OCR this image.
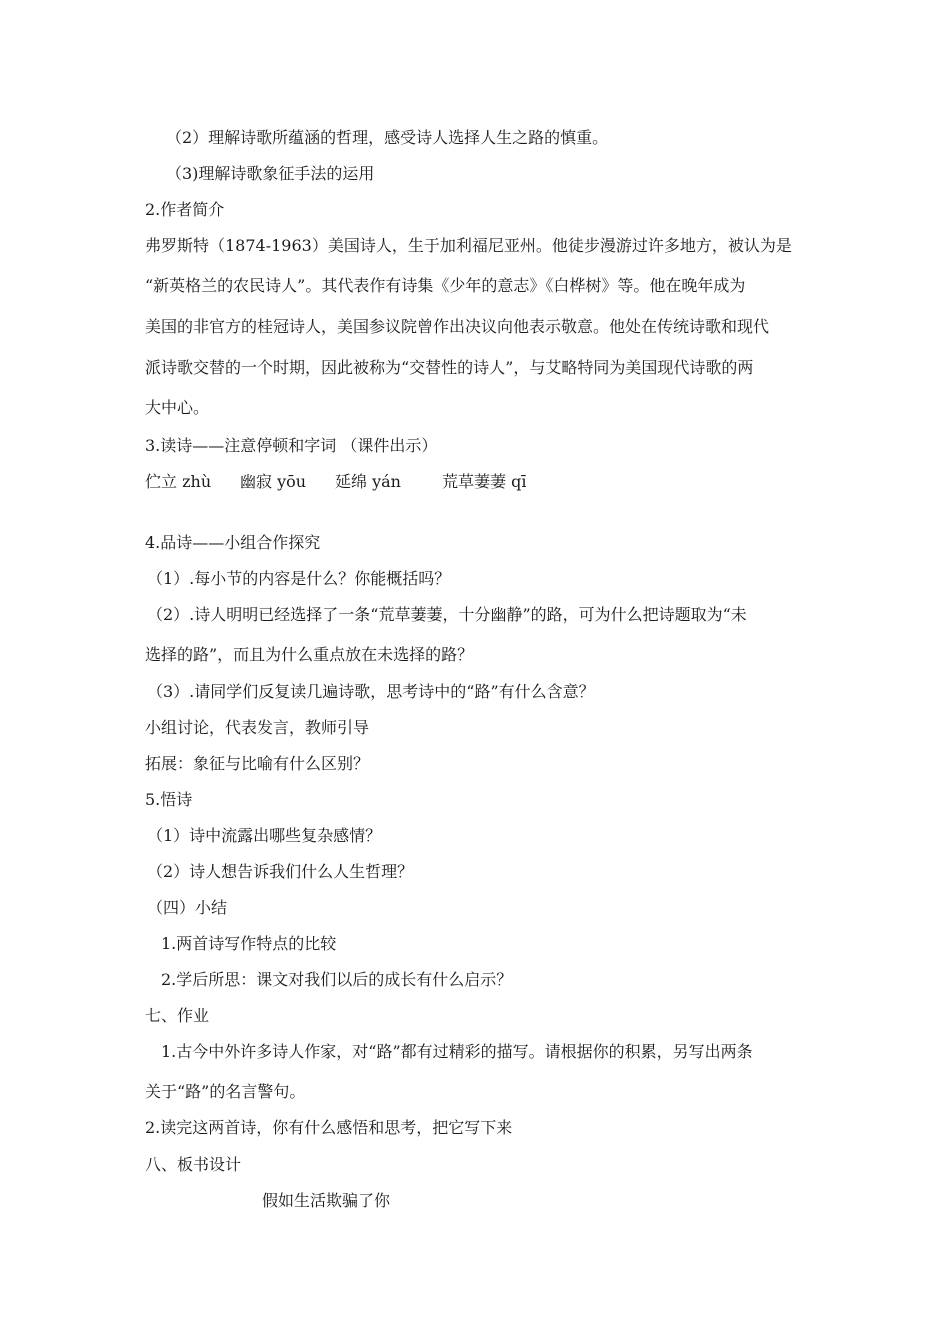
（2）理解诗歌所蕴涵的哲理，感受诗人选择人生之路的慎重。
（3)理解诗歌象征手法的运用
2.作者简介
弗罗斯特（1874-1963）美国诗人，生于加利福尼亚州。他徒步漫游过许多地方，被认为是
“新英格兰的农民诗人”。其代表作有诗集《少年的意志》《白桦树》等。他在晚年成为
美国的非官方的桂冠诗人，美国参议院曾作出决议向他表示敬意。他处在传统诗歌和现代
派诗歌交替的一个时期，因此被称为“交替性的诗人”，与艾略特同为美国现代诗歌的两
大中心。
3.读诗——注意停顿和字词 （课件出示）
伫立 zhù 幽寂 yōu 延绵 yán	荒草萋萋 qī
4.品诗——小组合作探究
（1）.每小节的内容是什么？你能概括吗？
（2）.诗人明明已经选择了一条“荒草萋萋，十分幽静”的路，可为什么把诗题取为“未
选择的路”，而且为什么重点放在未选择的路？
（3）.请同学们反复读几遍诗歌，思考诗中的“路”有什么含意？
小组讨论，代表发言，教师引导
拓展：象征与比喻有什么区别？
5.悟诗
（1）诗中流露出哪些复杂感情？
（2）诗人想告诉我们什么人生哲理？
（四）小结
1.两首诗写作特点的比较
2.学后所思：课文对我们以后的成长有什么启示？
七、作业
1.古今中外许多诗人作家，对“路”都有过精彩的描写。请根据你的积累，另写出两条
关于“路”的名言警句。
2.读完这两首诗，你有什么感悟和思考，把它写下来
八、板书设计
假如生活欺骗了你
